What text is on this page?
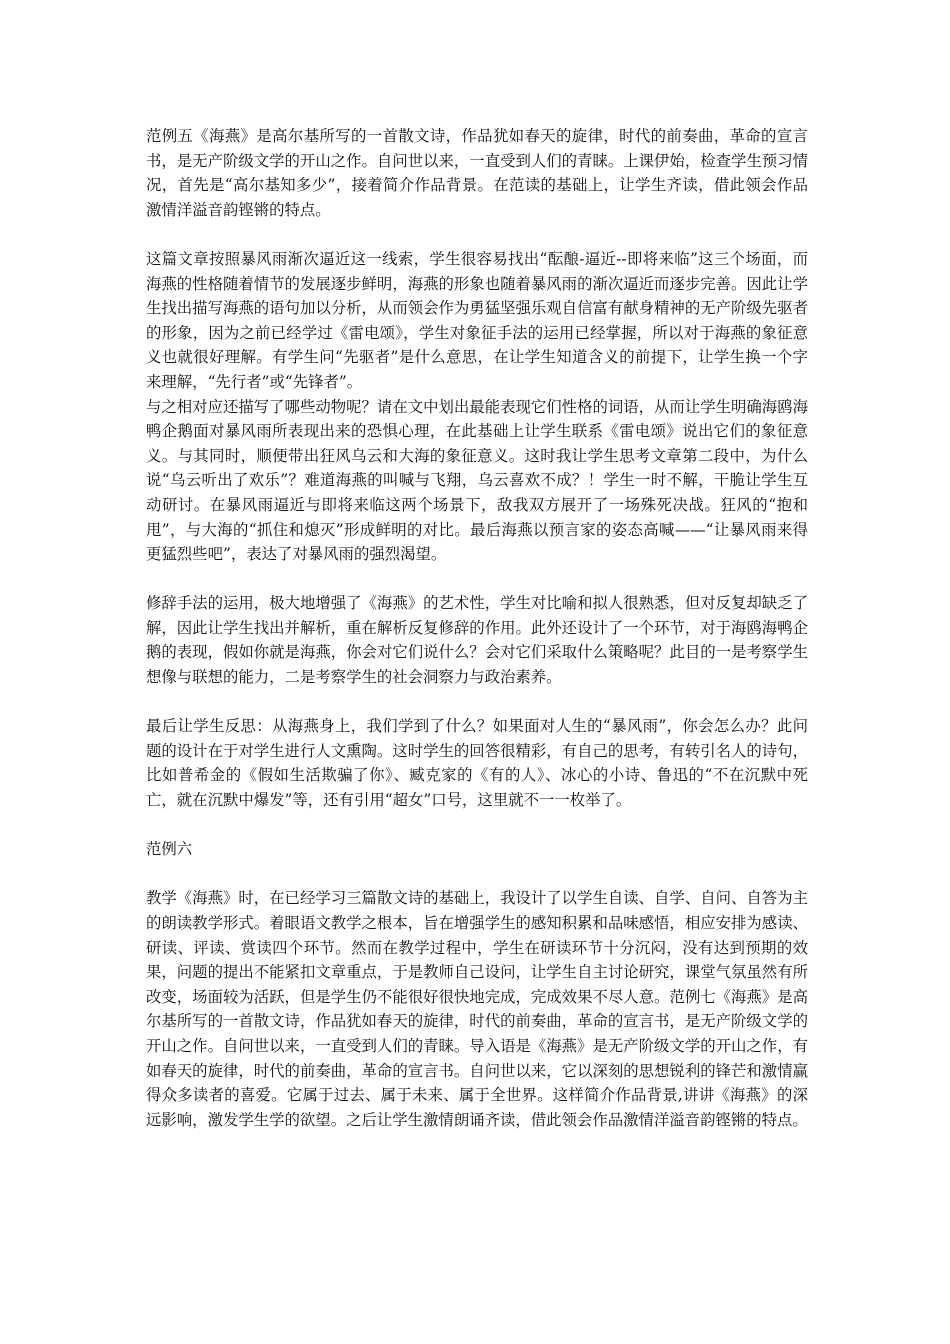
范例五《海燕》是高尔基所写的一首散文诗，作品犹如春天的旋律，时代的前奏曲，革命的宣言书，是无产阶级文学的开山之作。自问世以来，一直受到人们的青睐。上课伊始，检查学生预习情况，首先是“高尔基知多少”，接着简介作品背景。在范读的基础上，让学生齐读，借此领会作品激情洋溢音韵铿锵的特点。

这篇文章按照暴风雨渐次逼近这一线索，学生很容易找出“酝酿-逼近--即将来临”这三个场面，而海燕的性格随着情节的发展逐步鲜明，海燕的形象也随着暴风雨的渐次逼近而逐步完善。因此让学生找出描写海燕的语句加以分析，从而领会作为勇猛坚强乐观自信富有献身精神的无产阶级先驱者的形象，因为之前已经学过《雷电颂》，学生对象征手法的运用已经掌握，所以对于海燕的象征意义也就很好理解。有学生问“先驱者”是什么意思，在让学生知道含义的前提下，让学生换一个字来理解，“先行者”或“先锋者”。

与之相对应还描写了哪些动物呢？请在文中划出最能表现它们性格的词语，从而让学生明确海鸥海鸭企鹅面对暴风雨所表现出来的恐惧心理，在此基础上让学生联系《雷电颂》说出它们的象征意义。与其同时，顺便带出狂风乌云和大海的象征意义。这时我让学生思考文章第二段中，为什么说“乌云听出了欢乐”？难道海燕的叫喊与飞翔，乌云喜欢不成？！学生一时不解，干脆让学生互动研讨。在暴风雨逼近与即将来临这两个场景下，敌我双方展开了一场殊死决战。狂风的“抱和甩”，与大海的“抓住和熄灭”形成鲜明的对比。最后海燕以预言家的姿态高喊——“让暴风雨来得更猛烈些吧”，表达了对暴风雨的强烈渴望。

修辞手法的运用，极大地增强了《海燕》的艺术性，学生对比喻和拟人很熟悉，但对反复却缺乏了解，因此让学生找出并解析，重在解析反复修辞的作用。此外还设计了一个环节，对于海鸥海鸭企鹅的表现，假如你就是海燕，你会对它们说什么？会对它们采取什么策略呢？此目的一是考察学生想像与联想的能力，二是考察学生的社会洞察力与政治素养。

最后让学生反思：从海燕身上，我们学到了什么？如果面对人生的“暴风雨”，你会怎么办？此问题的设计在于对学生进行人文熏陶。这时学生的回答很精彩，有自己的思考，有转引名人的诗句，比如普希金的《假如生活欺骗了你》、臧克家的《有的人》、冰心的小诗、鲁迅的“不在沉默中死亡，就在沉默中爆发”等，还有引用“超女”口号，这里就不一一枚举了。

范例六

教学《海燕》时，在已经学习三篇散文诗的基础上，我设计了以学生自读、自学、自问、自答为主的朗读教学形式。着眼语文教学之根本，旨在增强学生的感知积累和品味感悟，相应安排为感读、研读、评读、赏读四个环节。然而在教学过程中，学生在研读环节十分沉闷，没有达到预期的效果，问题的提出不能紧扣文章重点，于是教师自己设问，让学生自主讨论研究，课堂气氛虽然有所改变，场面较为活跃，但是学生仍不能很好很快地完成，完成效果不尽人意。范例七《海燕》是高尔基所写的一首散文诗，作品犹如春天的旋律，时代的前奏曲，革命的宣言书，是无产阶级文学的开山之作。自问世以来，一直受到人们的青睐。导入语是《海燕》是无产阶级文学的开山之作，有如春天的旋律，时代的前奏曲，革命的宣言书。自问世以来，它以深刻的思想锐利的锋芒和激情赢得众多读者的喜爱。它属于过去、属于未来、属于全世界。这样简介作品背景,讲讲《海燕》的深远影响，激发学生学的欲望。之后让学生激情朗诵齐读，借此领会作品激情洋溢音韵铿锵的特点。
